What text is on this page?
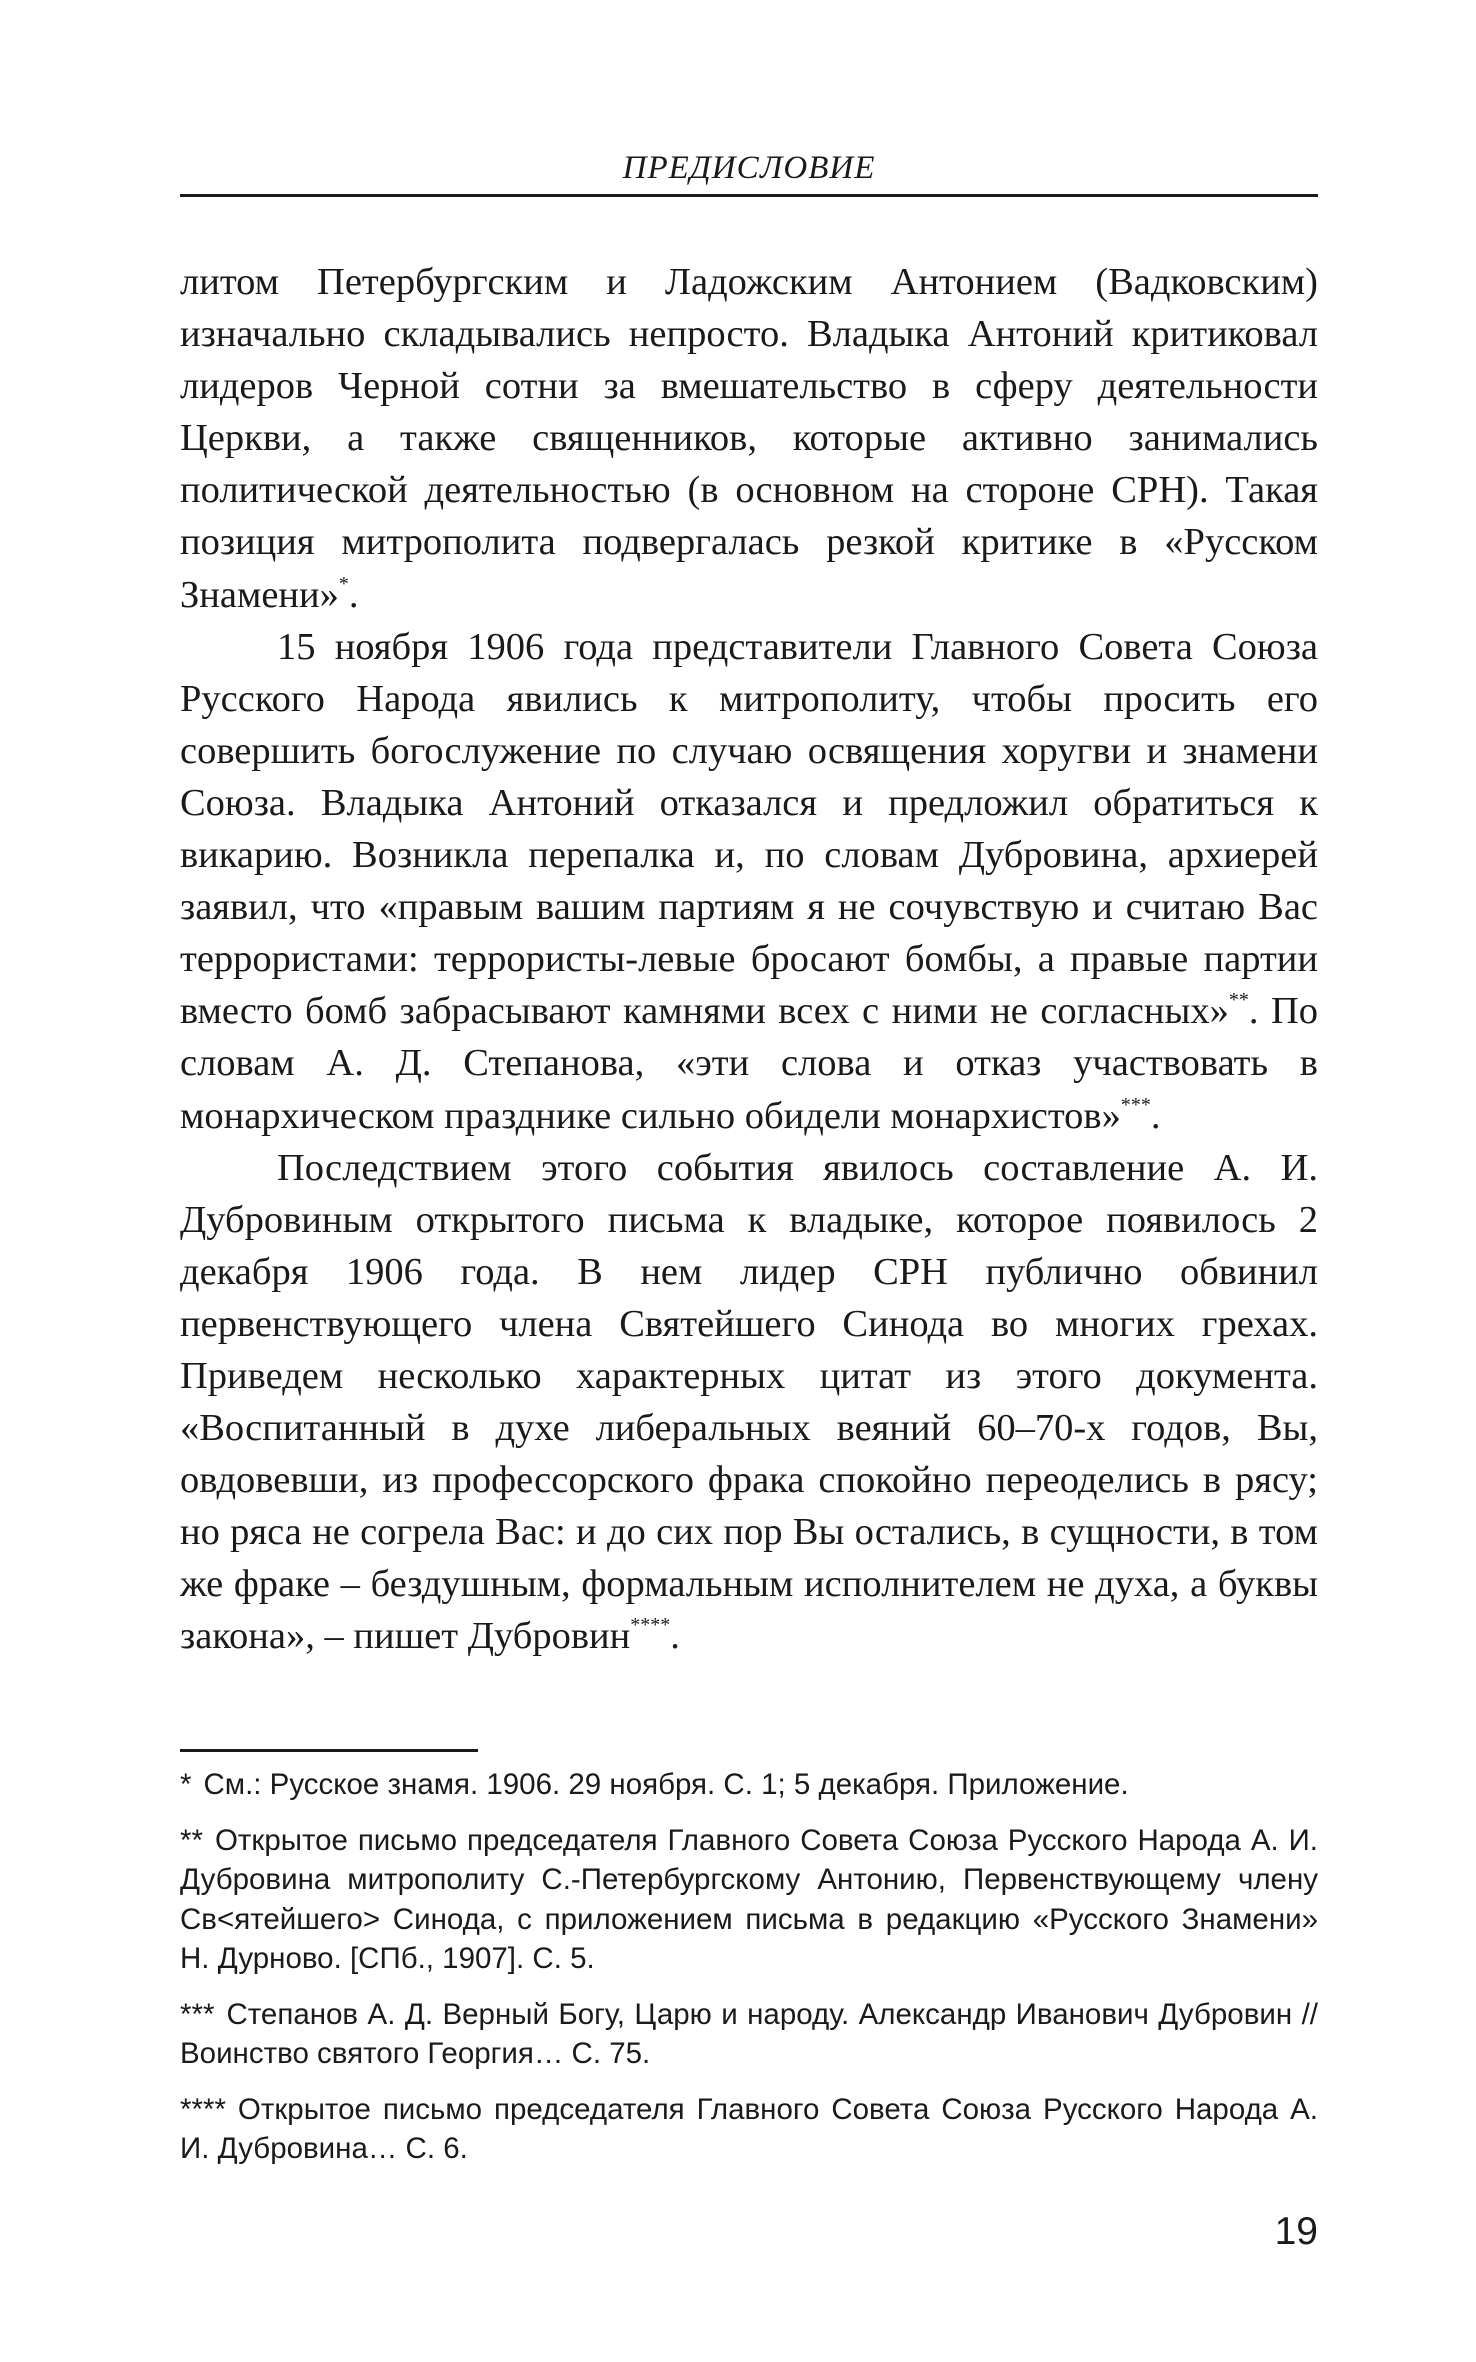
ПРЕДИСЛОВИЕ

литом Петербургским и Ладожским Антонием (Вадковским) изначально складывались непросто. Владыка Антоний критиковал лидеров Черной сотни за вмешательство в сферу деятельности Церкви, а также священников, которые активно занимались политической деятельностью (в основном на стороне СРН). Такая позиция митрополита подвергалась резкой критике в «Русском Знамени»*.

15 ноября 1906 года представители Главного Совета Союза Русского Народа явились к митрополиту, чтобы просить его совершить богослужение по случаю освящения хоругви и знамени Союза. Владыка Антоний отказался и предложил обратиться к викарию. Возникла перепалка и, по словам Дубровина, архиерей заявил, что «правым вашим партиям я не сочувствую и считаю Вас террористами: террористы-левые бросают бомбы, а правые партии вместо бомб забрасывают камнями всех с ними не согласных»**. По словам А. Д. Степанова, «эти слова и отказ участвовать в монархическом празднике сильно обидели монархистов»***.

Последствием этого события явилось составление А. И. Дубровиным открытого письма к владыке, которое появилось 2 декабря 1906 года. В нем лидер СРН публично обвинил первенствующего члена Святейшего Синода во многих грехах. Приведем несколько характерных цитат из этого документа. «Воспитанный в духе либеральных веяний 60–70-х годов, Вы, овдовевши, из профессорского фрака спокойно переоделись в рясу; но ряса не согрела Вас: и до сих пор Вы остались, в сущности, в том же фраке – бездушным, формальным исполнителем не духа, а буквы закона», – пишет Дубровин****.

* См.: Русское знамя. 1906. 29 ноября. С. 1; 5 декабря. Приложение.

** Открытое письмо председателя Главного Совета Союза Русского Народа А. И. Дубровина митрополиту С.-Петербургскому Антонию, Первенствующему члену Св<ятейшего> Синода, с приложением письма в редакцию «Русского Знамени» Н. Дурново. [СПб., 1907]. С. 5.

*** Степанов А. Д. Верный Богу, Царю и народу. Александр Иванович Дубровин // Воинство святого Георгия… С. 75.

**** Открытое письмо председателя Главного Совета Союза Русского Народа А. И. Дубровина… С. 6.

19
